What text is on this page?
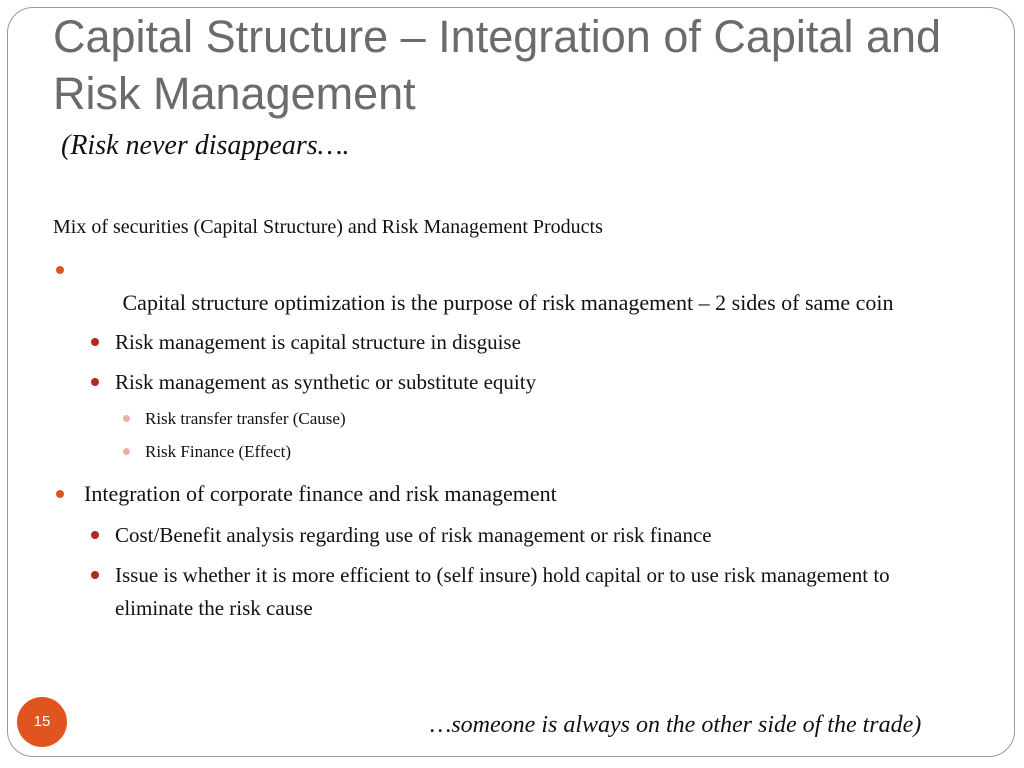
Capital Structure – Integration of Capital and Risk Management
(Risk never disappears….
Mix of securities (Capital Structure) and Risk Management Products

Capital structure optimization is the purpose of risk management – 2 sides of same coin

Risk management is capital structure in disguise
Risk management as synthetic or substitute equity
Risk transfer transfer (Cause)
Risk Finance (Effect)
Integration of corporate finance and risk management
Cost/Benefit analysis regarding use of risk management or risk finance
Issue is whether it is more efficient to (self insure) hold capital or to use risk management to eliminate the risk cause
…someone is always on the other side of the trade)
15
